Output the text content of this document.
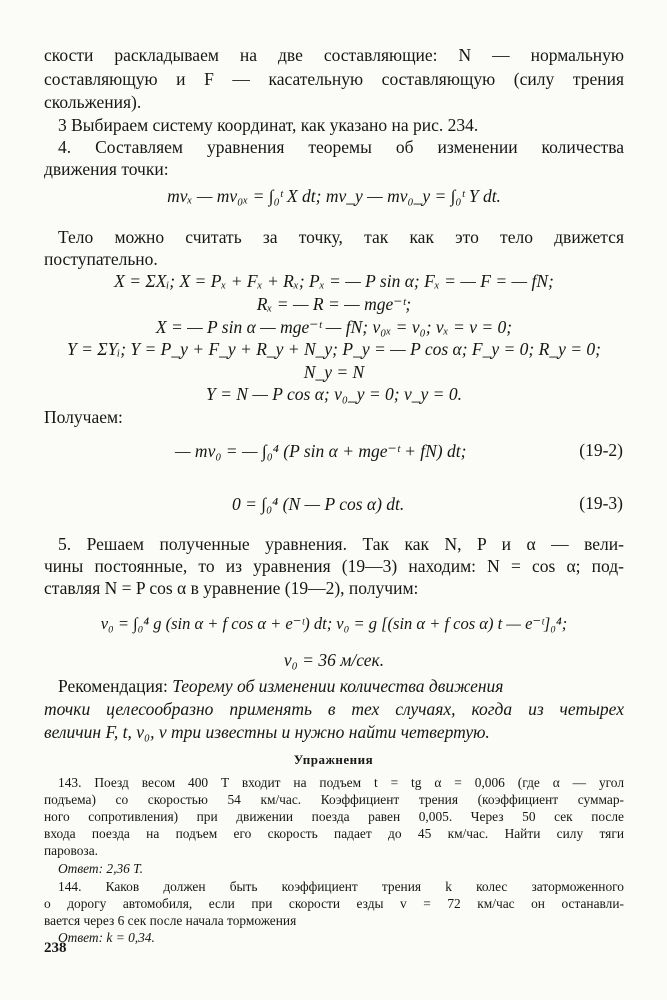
скости раскладываем на две составляющие: N — нормальную
составляющую и F — касательную составляющую (силу трения
скольжения).
3 Выбираем систему координат, как указано на рис. 234.
4. Составляем уравнения теоремы об изменении количества
движения точки:
mvₓ — mv₀ₓ = ∫₀ᵗ X dt; mv_y — mv₀_y = ∫₀ᵗ Y dt.
Тело можно считать за точку, так как это тело движется
поступательно.
X = ΣXᵢ; X = Pₓ + Fₓ + Rₓ; Pₓ = — P sin α; Fₓ = — F = — fN;
Rₓ = — R = — mge⁻ᵗ;
X = — P sin α — mge⁻ᵗ — fN; v₀ₓ = v₀; vₓ = v = 0;
Y = ΣYᵢ; Y = P_y + F_y + R_y + N_y; P_y = — P cos α; F_y = 0; R_y = 0;
N_y = N
Y = N — P cos α; v₀_y = 0; v_y = 0.
Получаем:
— mv₀ = — ∫₀⁴ (P sin α + mge⁻ᵗ + fN) dt;	(19-2)
0 = ∫₀⁴ (N — P cos α) dt.	(19-3)
5. Решаем полученные уравнения. Так как N, P и α — вели-
чины постоянные, то из уравнения (19—3) находим: N = cos α; под-
ставляя N = P cos α в уравнение (19—2), получим:
v₀ = ∫₀⁴ g (sin α + f cos α + e⁻ᵗ) dt; v₀ = g [(sin α + f cos α) t — e⁻ᵗ]₀⁴;
v₀ = 36 м/сек.
Рекомендация: Теорему об изменении количества движения
точки целесообразно применять в тех случаях, когда из четырех
величин F, t, v₀, v три известны и нужно найти четвертую.
Упражнения
143. Поезд весом 400 T входит на подъем t = tg α = 0,006 (где α — угол
подъема) со скоростью 54 км/час. Коэффициент трения (коэффициент суммар-
ного сопротивления) при движении поезда равен 0,005. Через 50 сек после
входа поезда на подъем его скорость падает до 45 км/час. Найти силу тяги
паровоза.
Ответ: 2,36 T.
144. Каков должен быть коэффициент трения k колес заторможенного
о дорогу автомобиля, если при скорости езды v = 72 км/час он останавли-
вается через 6 сек после начала торможения
Ответ: k = 0,34.
238
